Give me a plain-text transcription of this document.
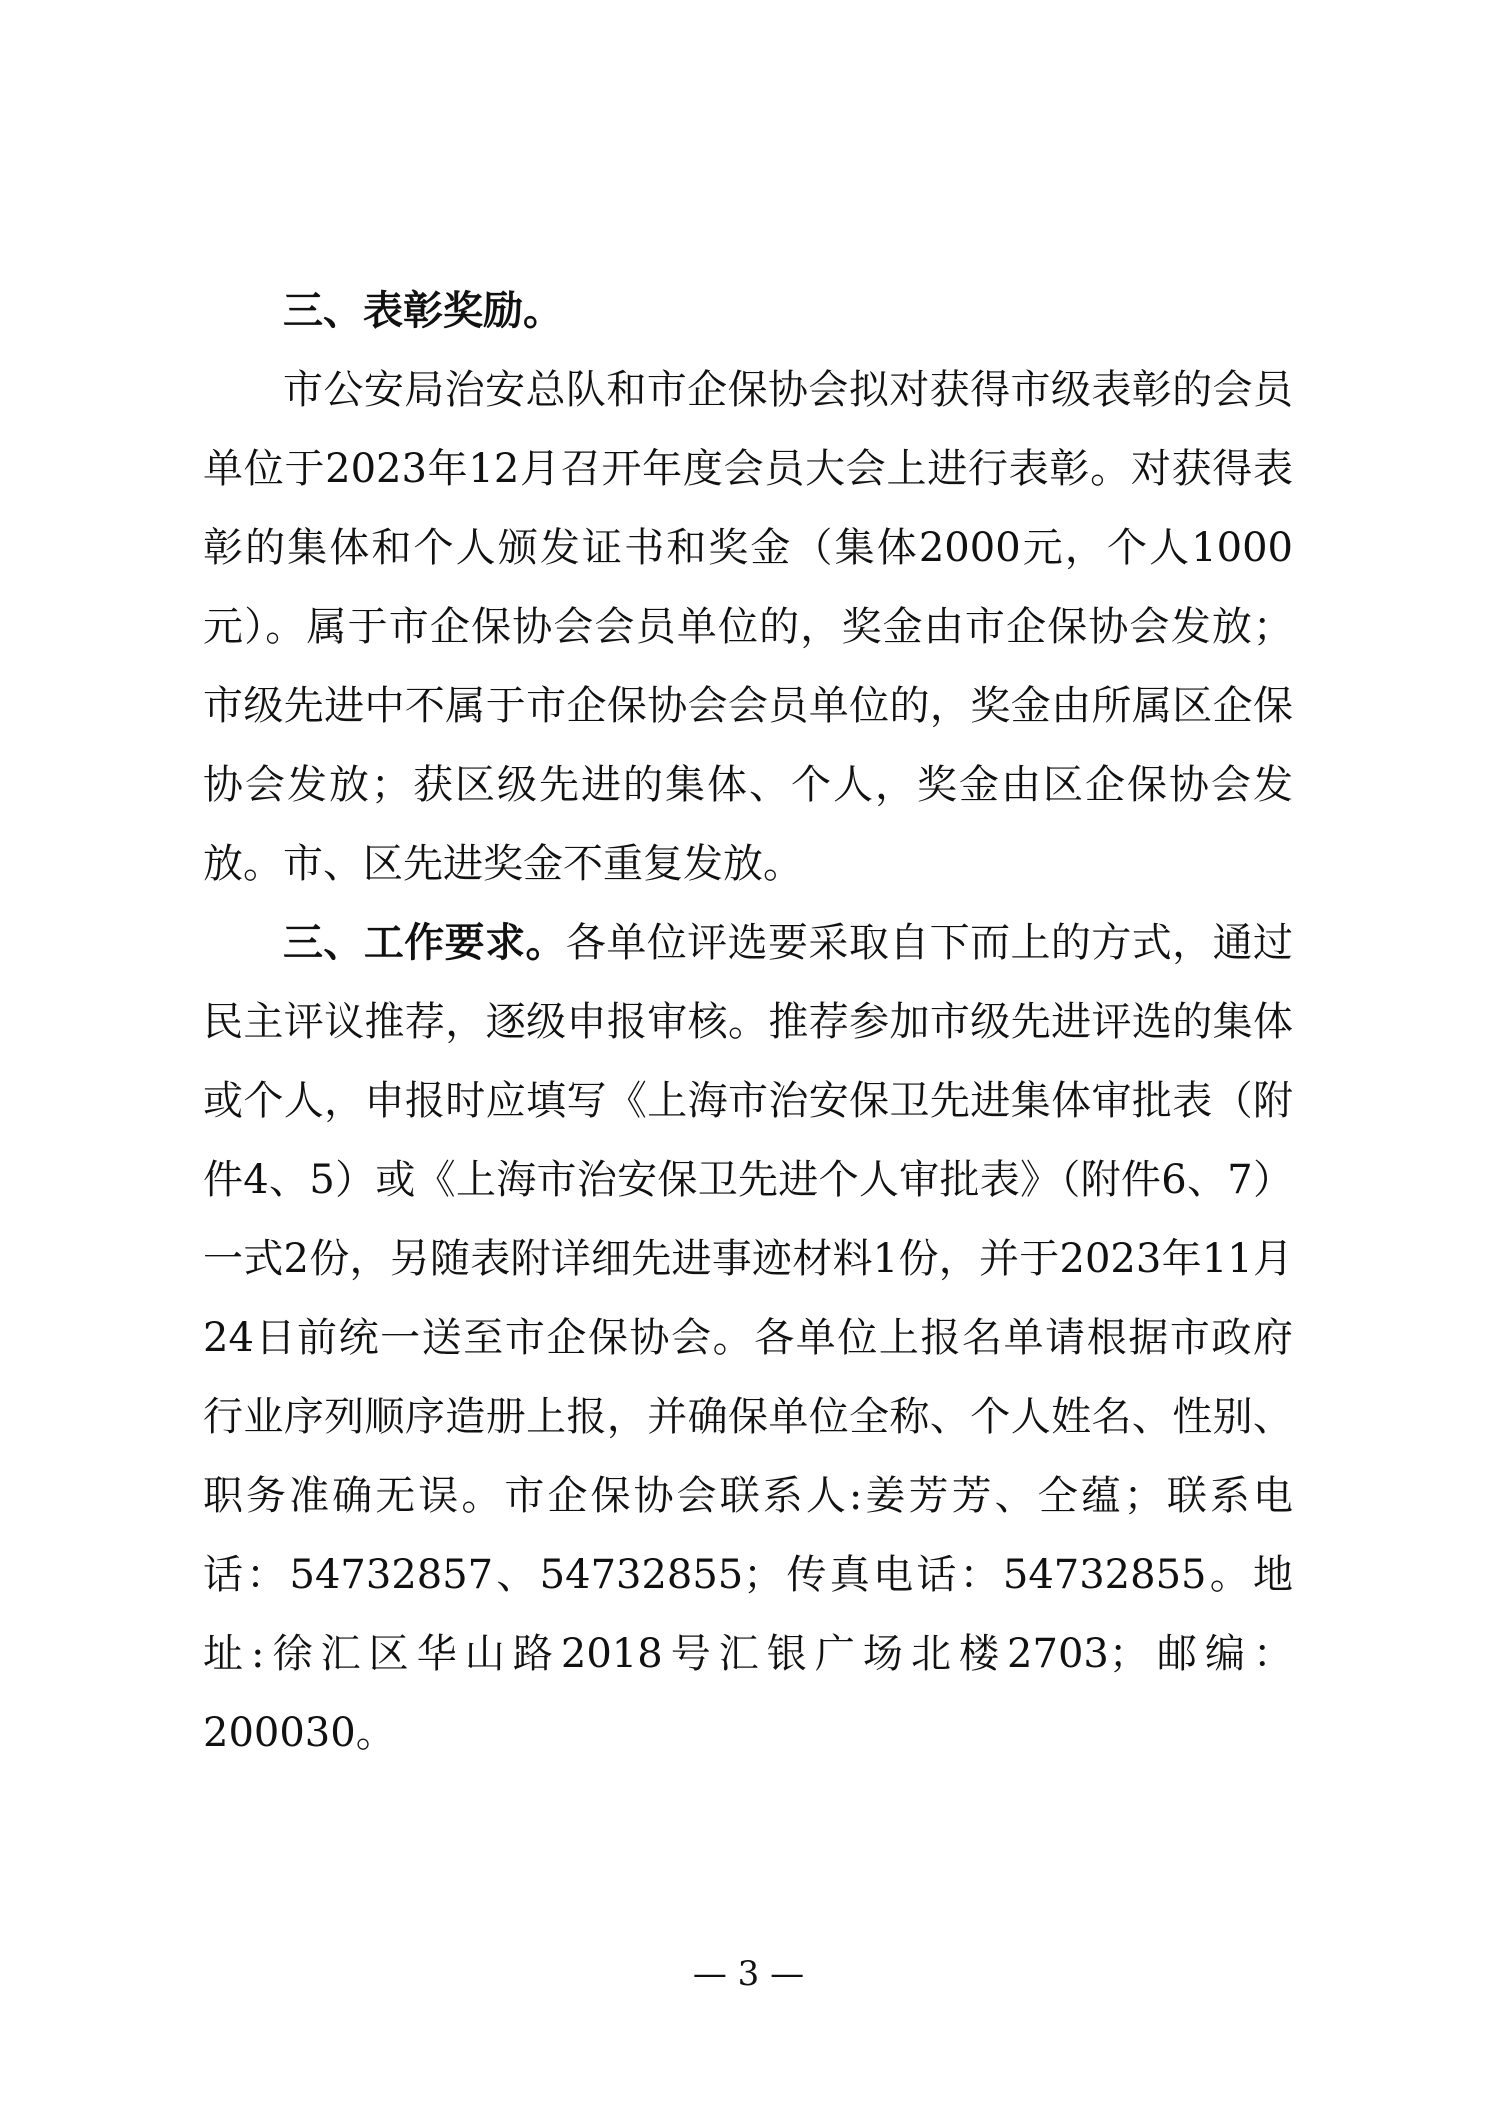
三、表彰奖励。

市公安局治安总队和市企保协会拟对获得市级表彰的会员单位于2023年12月召开年度会员大会上进行表彰。对获得表彰的集体和个人颁发证书和奖金（集体2000元，个人1000元）。属于市企保协会会员单位的，奖金由市企保协会发放；市级先进中不属于市企保协会会员单位的，奖金由所属区企保协会发放；获区级先进的集体、个人，奖金由区企保协会发放。市、区先进奖金不重复发放。

三、工作要求。各单位评选要采取自下而上的方式，通过民主评议推荐，逐级申报审核。推荐参加市级先进评选的集体或个人，申报时应填写《上海市治安保卫先进集体审批表（附件4、5）或《上海市治安保卫先进个人审批表》（附件6、7）一式2份，另随表附详细先进事迹材料1份，并于2023年11月24日前统一送至市企保协会。各单位上报名单请根据市政府行业序列顺序造册上报，并确保单位全称、个人姓名、性别、职务准确无误。市企保协会联系人:姜芳芳、仝蕴；联系电话：54732857、54732855；传真电话：54732855。地址:徐汇区华山路2018号汇银广场北楼2703；邮编：200030。

— 3 —
